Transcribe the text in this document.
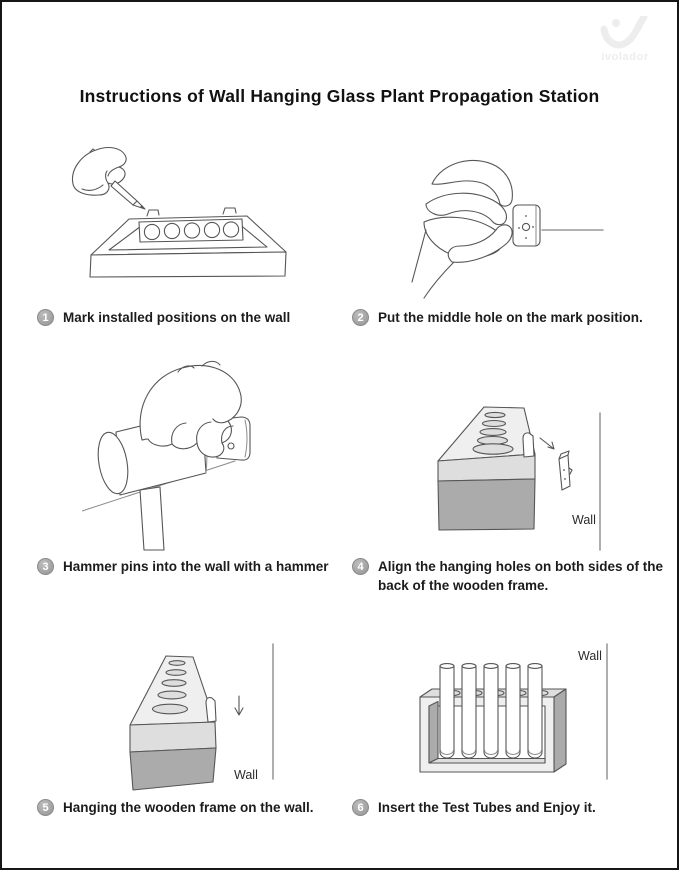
ivolador
Instructions of Wall Hanging Glass Plant Propagation Station
Wall
Wall
Wall
1	Mark installed positions on the wall	2	Put the middle hole on the mark position.
3	Hammer pins into the wall with a hammer	4	Align the hanging holes on both sides of the back of the wooden frame.
5	Hanging the wooden frame on the wall.	6	Insert the Test Tubes and Enjoy it.
